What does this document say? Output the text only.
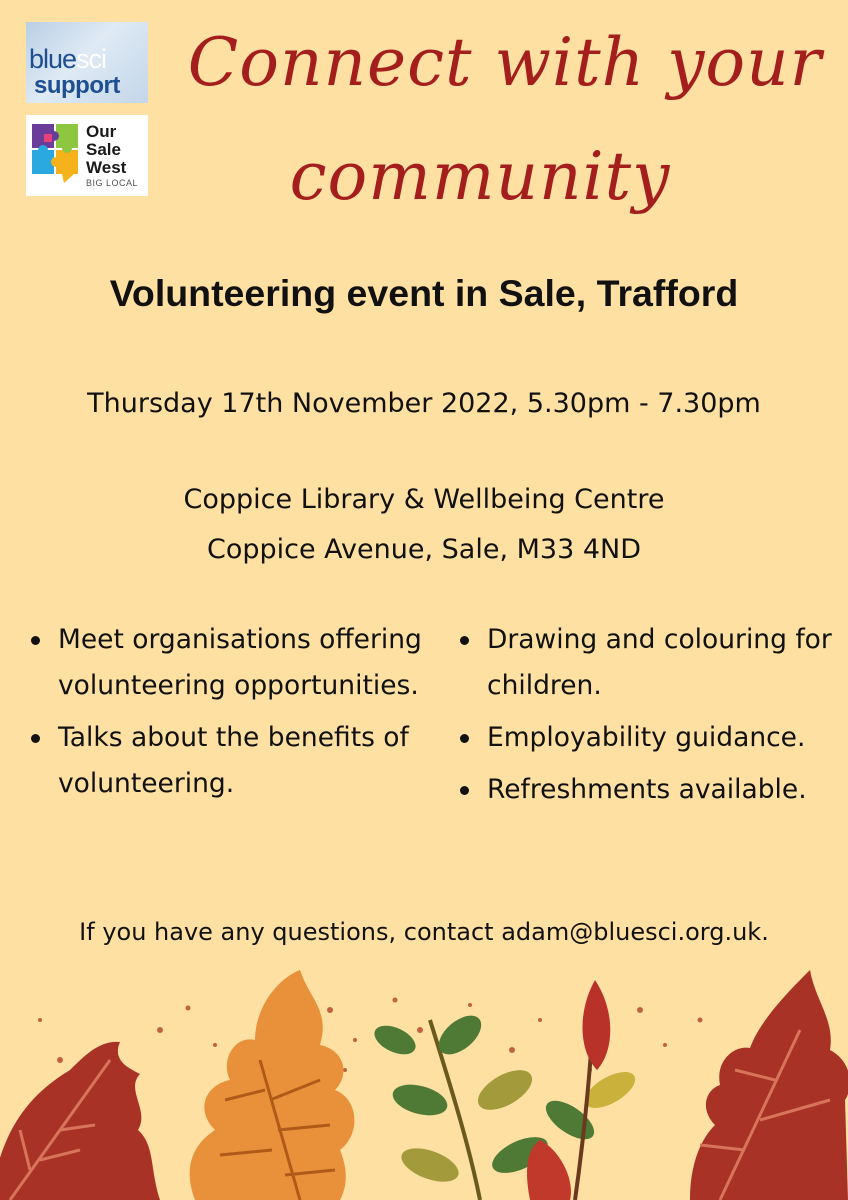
bluesci
support
Our
Sale
West
BIG LOCAL
Connect with your
community
Volunteering event in Sale, Trafford
Thursday 17th November 2022, 5.30pm - 7.30pm
Coppice Library & Wellbeing Centre
Coppice Avenue, Sale, M33 4ND
Meet organisations offering volunteering opportunities.
Talks about the benefits of volunteering.
Drawing and colouring for children.
Employability guidance.
Refreshments available.
If you have any questions, contact adam@bluesci.org.uk.
